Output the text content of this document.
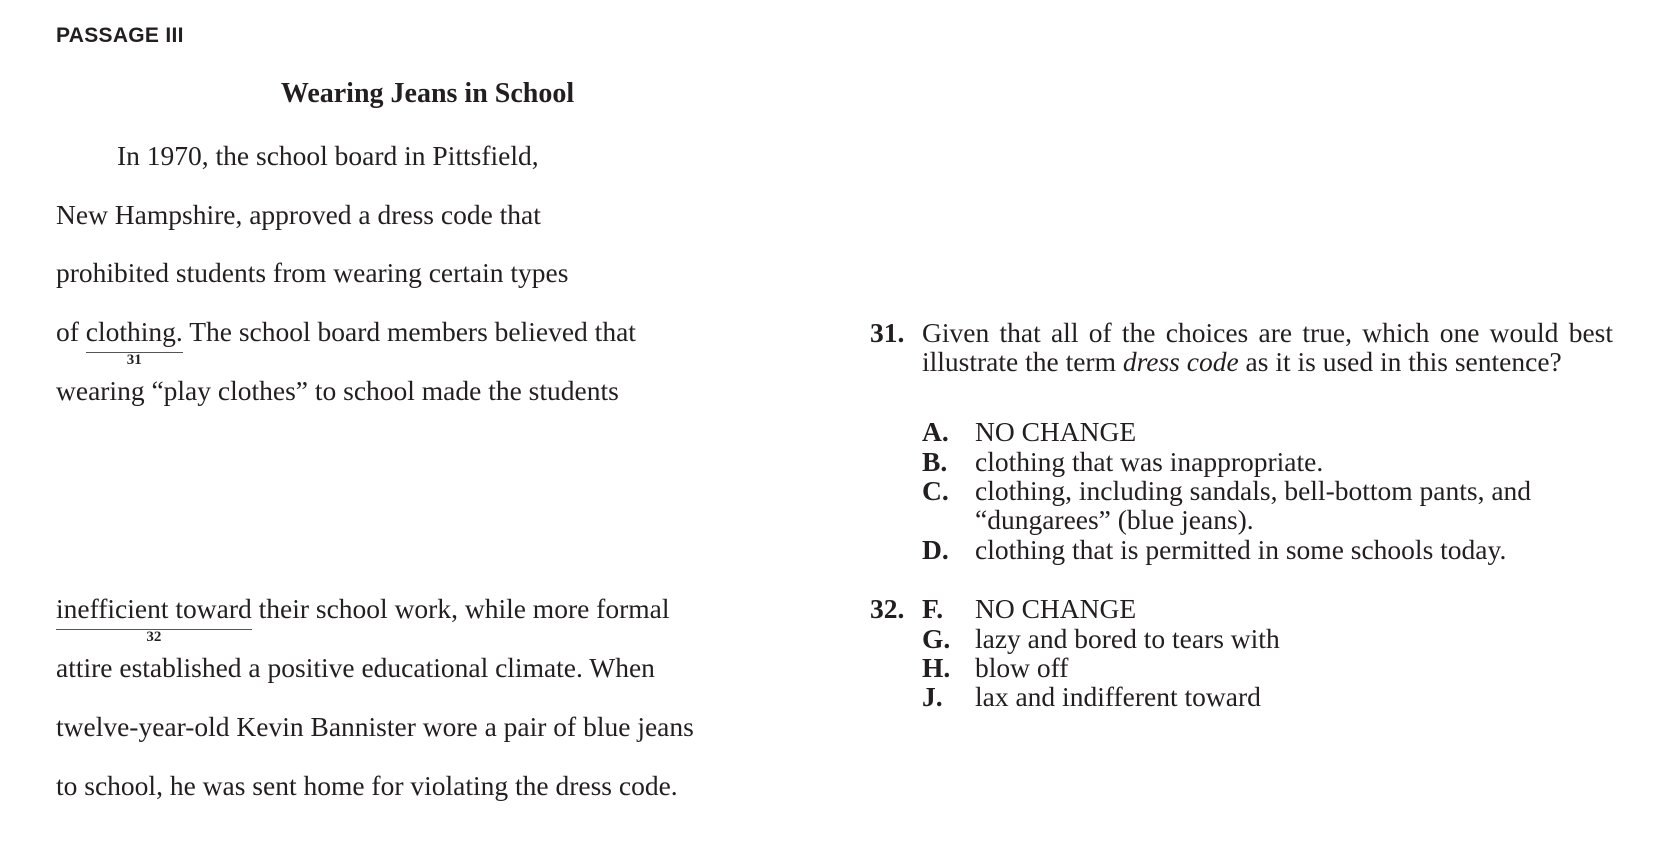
PASSAGE III
Wearing Jeans in School
In 1970, the school board in Pittsfield,
New Hampshire, approved a dress code that
prohibited students from wearing certain types
of clothing.
31
The school board members believed that
wearing “play clothes” to school made the students
inefficient toward
32
their school work, while more formal
attire established a positive educational climate. When
twelve-year-old Kevin Bannister wore a pair of blue jeans
to school, he was sent home for violating the dress code.
31. Given that all of the choices are true, which one would best illustrate the term dress code as it is used in this sentence?
A. NO CHANGE
B. clothing that was inappropriate.
C. clothing, including sandals, bell-bottom pants, and
“dungarees” (blue jeans).
D. clothing that is permitted in some schools today.
32. F. NO CHANGE
G. lazy and bored to tears with
H. blow off
J. lax and indifferent toward
